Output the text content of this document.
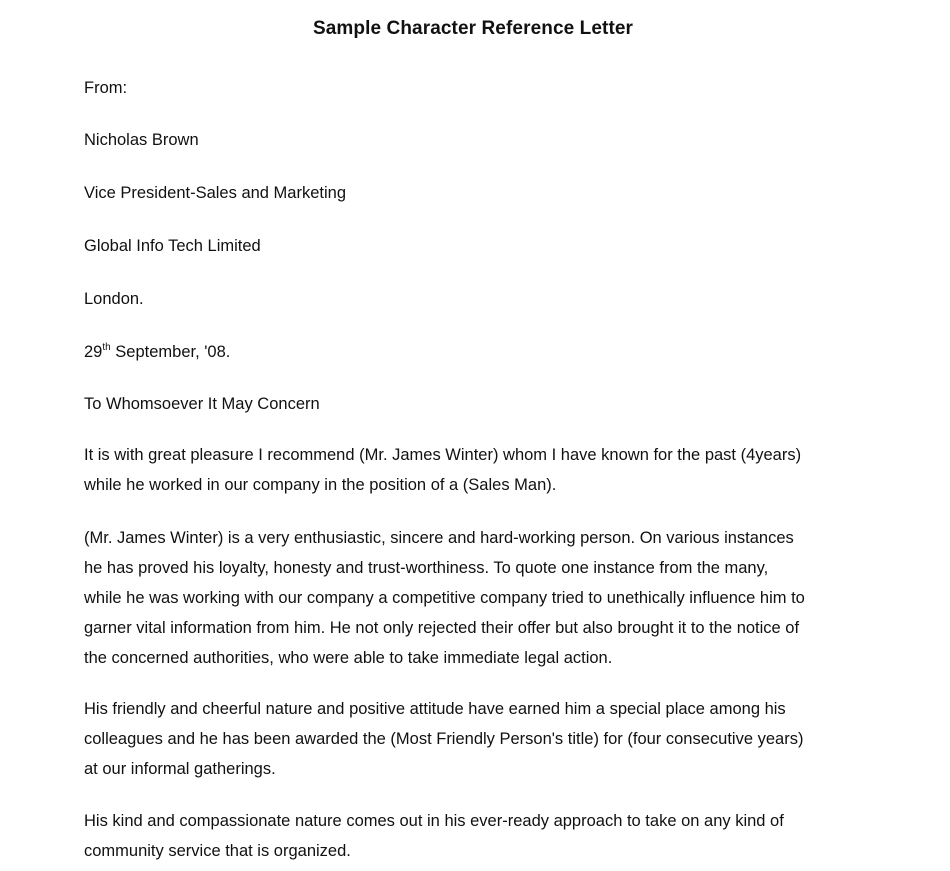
Sample Character Reference Letter
From:
Nicholas Brown
Vice President-Sales and Marketing
Global Info Tech Limited
London.
29th September, '08.
To Whomsoever It May Concern

It is with great pleasure I recommend (Mr. James Winter) whom I have known for the past (4years)

while he worked in our company in the position of a (Sales Man).

(Mr. James Winter) is a very enthusiastic, sincere and hard-working person. On various instances

he has proved his loyalty, honesty and trust-worthiness. To quote one instance from the many,

while he was working with our company a competitive company tried to unethically influence him to

garner vital information from him. He not only rejected their offer but also brought it to the notice of

the concerned authorities, who were able to take immediate legal action.

His friendly and cheerful nature and positive attitude have earned him a special place among his

colleagues and he has been awarded the (Most Friendly Person's title) for (four consecutive years)

at our informal gatherings.

His kind and compassionate nature comes out in his ever-ready approach to take on any kind of

community service that is organized.
